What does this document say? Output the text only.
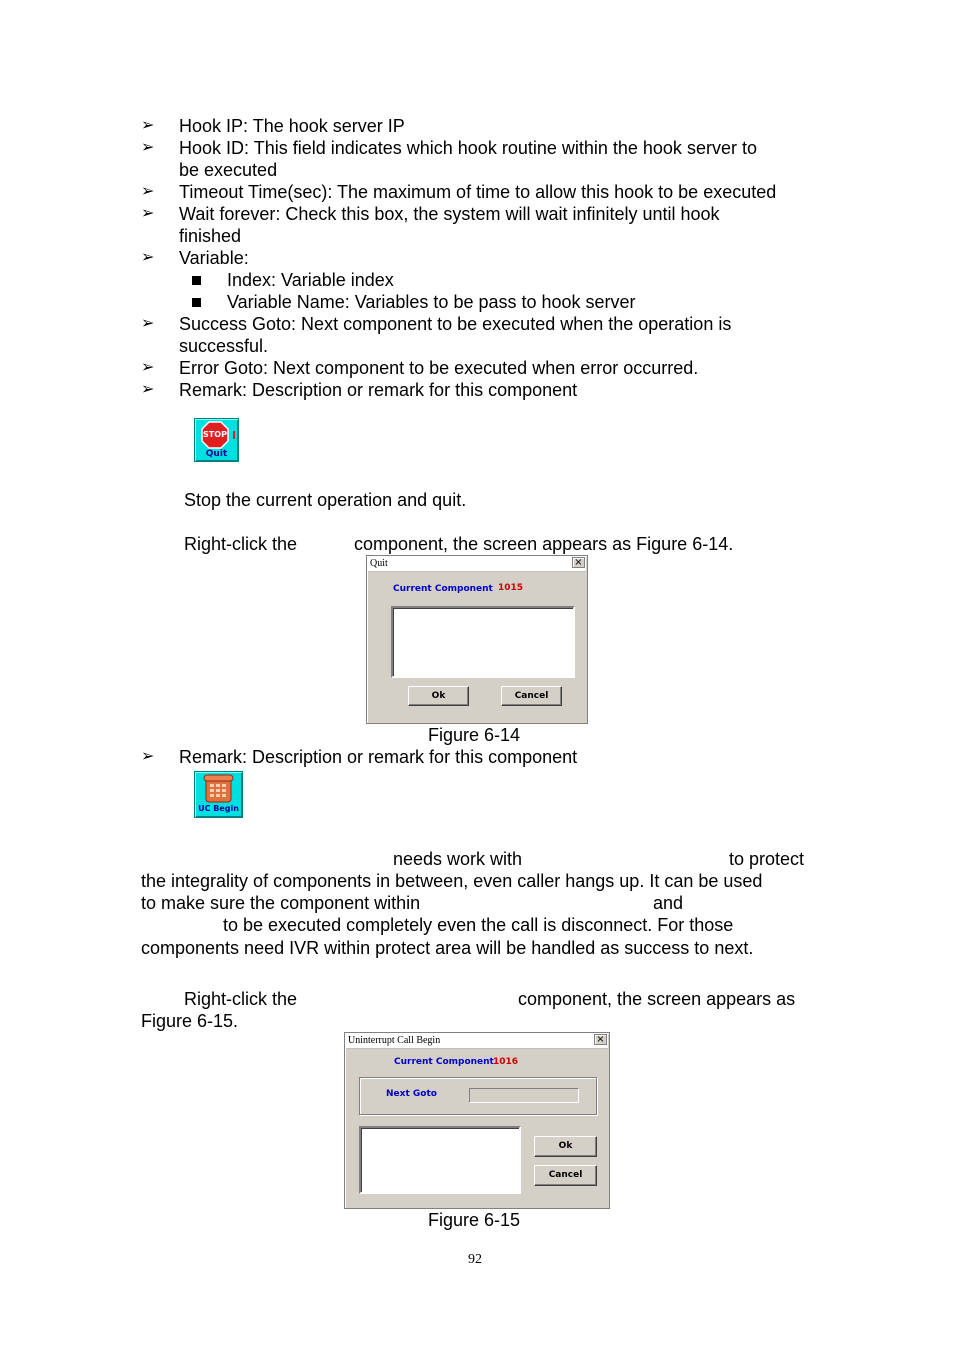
➢ Hook IP: The hook server IP
➢ Hook ID: This field indicates which hook routine within the hook server to
be executed
➢ Timeout Time(sec): The maximum of time to allow this hook to be executed
➢ Wait forever: Check this box, the system will wait infinitely until hook
finished
➢ Variable:
Index: Variable index
Variable Name: Variables to be pass to hook server
➢ Success Goto: Next component to be executed when the operation is
successful.
➢ Error Goto: Next component to be executed when error occurred.
➢ Remark: Description or remark for this component
STOP
Quit
Stop the current operation and quit.
Right-click the	component, the screen appears as Figure 6-14.
Quit	×
Current Component 1015
Ok	Cancel
Figure 6-14
➢ Remark: Description or remark for this component
UC Begin
needs work with	to protect
the integrality of components in between, even caller hangs up. It can be used
to make sure the component within	and
to be executed completely even the call is disconnect. For those
components need IVR within protect area will be handled as success to next.
Right-click the	component, the screen appears as
Figure 6-15.
Uninterrupt Call Begin	×
Current Component 1016
Next Goto
Ok
Cancel
Figure 6-15
92
